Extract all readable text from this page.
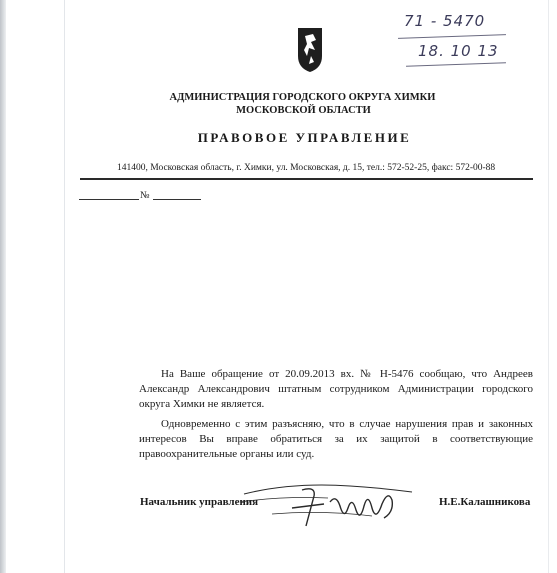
71 - 5470
18. 10 13
АДМИНИСТРАЦИЯ ГОРОДСКОГО ОКРУГА ХИМКИ
МОСКОВСКОЙ ОБЛАСТИ
ПРАВОВОЕ УПРАВЛЕНИЕ
141400, Московская область, г. Химки, ул. Московская, д. 15, тел.: 572-52-25, факс: 572-00-88
№

На Ваше обращение от 20.09.2013 вх. № Н-5476 сообщаю, что Андреев Александр Александрович штатным сотрудником Администрации городского округа Химки не является.

Одновременно с этим разъясняю, что в случае нарушения прав и законных интересов Вы вправе обратиться за их защитой в соответствующие правоохранительные органы или суд.

Начальник управления	Н.Е.Калашникова
